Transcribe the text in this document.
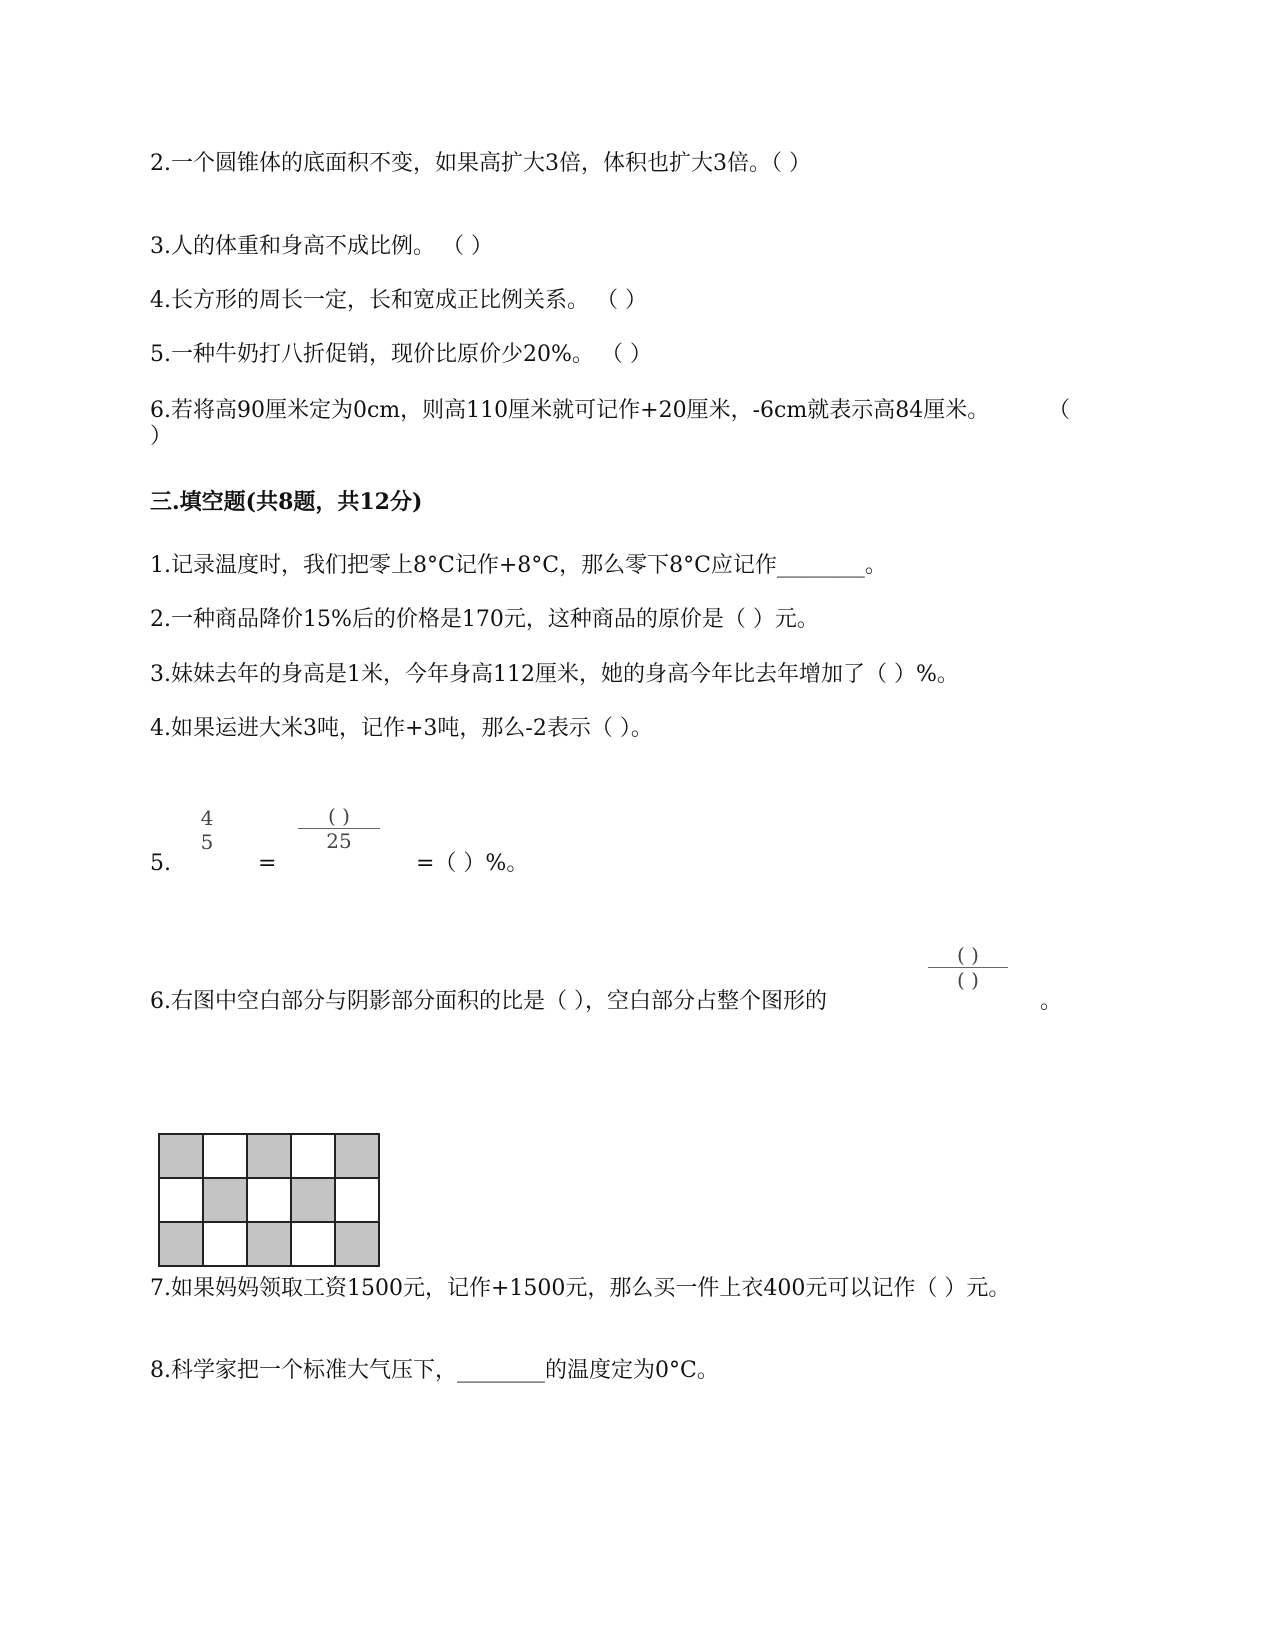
2.一个圆锥体的底面积不变，如果高扩大3倍，体积也扩大3倍。（ ）

3.人的体重和身高不成比例。 （ ）

4.长方形的周长一定，长和宽成正比例关系。 （ ）

5.一种牛奶打八折促销，现价比原价少20%。 （ ）

6.若将高90厘米定为0cm，则高110厘米就可记作+20厘米，-6cm就表示高84厘米。	（
）

三.填空题(共8题，共12分)

1.记录温度时，我们把零上8°C记作+8°C，那么零下8°C应记作________。

2.一种商品降价15%后的价格是170元，这种商品的原价是（ ）元。

3.妹妹去年的身高是1米，今年身高112厘米，她的身高今年比去年增加了（ ）%。

4.如果运进大米3吨，记作+3吨，那么-2表示（ ）。

5.
4
5
=
( )
25
=（ ）%。

6.右图中空白部分与阴影部分面积的比是（ ），空白部分占整个图形的

( )
( )
。

7.如果妈妈领取工资1500元，记作+1500元，那么买一件上衣400元可以记作（ ）元。

8.科学家把一个标准大气压下，________的温度定为0°C。
